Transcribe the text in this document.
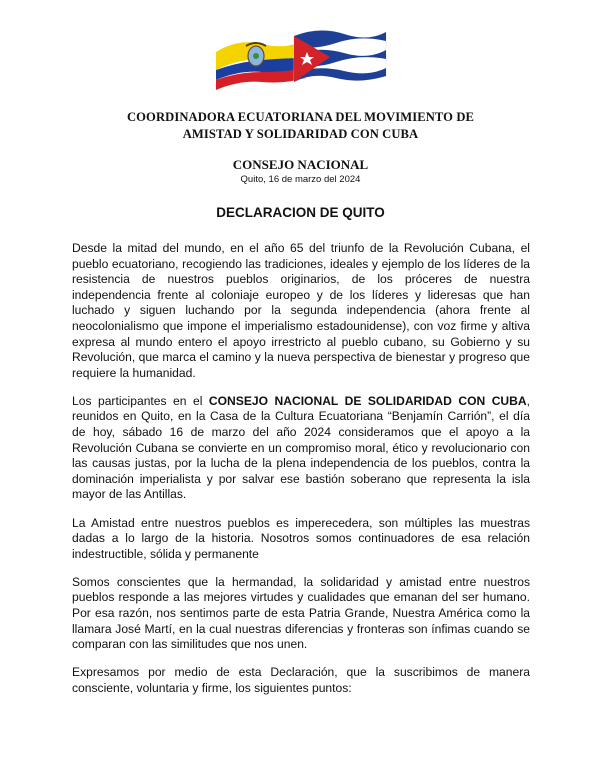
COORDINADORA ECUATORIANA DEL MOVIMIENTO DE
AMISTAD Y SOLIDARIDAD CON CUBA
CONSEJO NACIONAL
Quito, 16 de marzo del 2024
DECLARACION DE QUITO

Desde la mitad del mundo, en el año 65 del triunfo de la Revolución Cubana, el pueblo ecuatoriano, recogiendo las tradiciones, ideales y ejemplo de los líderes de la resistencia de nuestros pueblos originarios, de los próceres de nuestra independencia frente al coloniaje europeo y de los líderes y lideresas que han luchado y siguen luchando por la segunda independencia (ahora frente al neocolonialismo que impone el imperialismo estadounidense), con voz firme y altiva expresa al mundo entero el apoyo irrestricto al pueblo cubano, su Gobierno y su Revolución, que marca el camino y la nueva perspectiva de bienestar y progreso que requiere la humanidad.

Los participantes en el CONSEJO NACIONAL DE SOLIDARIDAD CON CUBA, reunidos en Quito, en la Casa de la Cultura Ecuatoriana “Benjamín Carrión”, el día de hoy, sábado 16 de marzo del año 2024 consideramos que el apoyo a la Revolución Cubana se convierte en un compromiso moral, ético y revolucionario con las causas justas, por la lucha de la plena independencia de los pueblos, contra la dominación imperialista y por salvar ese bastión soberano que representa la isla mayor de las Antillas.

La Amistad entre nuestros pueblos es imperecedera, son múltiples las muestras dadas a lo largo de la historia. Nosotros somos continuadores de esa relación indestructible, sólida y permanente

Somos conscientes que la hermandad, la solidaridad y amistad entre nuestros pueblos responde a las mejores virtudes y cualidades que emanan del ser humano. Por esa razón, nos sentimos parte de esta Patria Grande, Nuestra América como la llamara José Martí, en la cual nuestras diferencias y fronteras son ínfimas cuando se comparan con las similitudes que nos unen.

Expresamos por medio de esta Declaración, que la suscribimos de manera consciente, voluntaria y firme, los siguientes puntos:
